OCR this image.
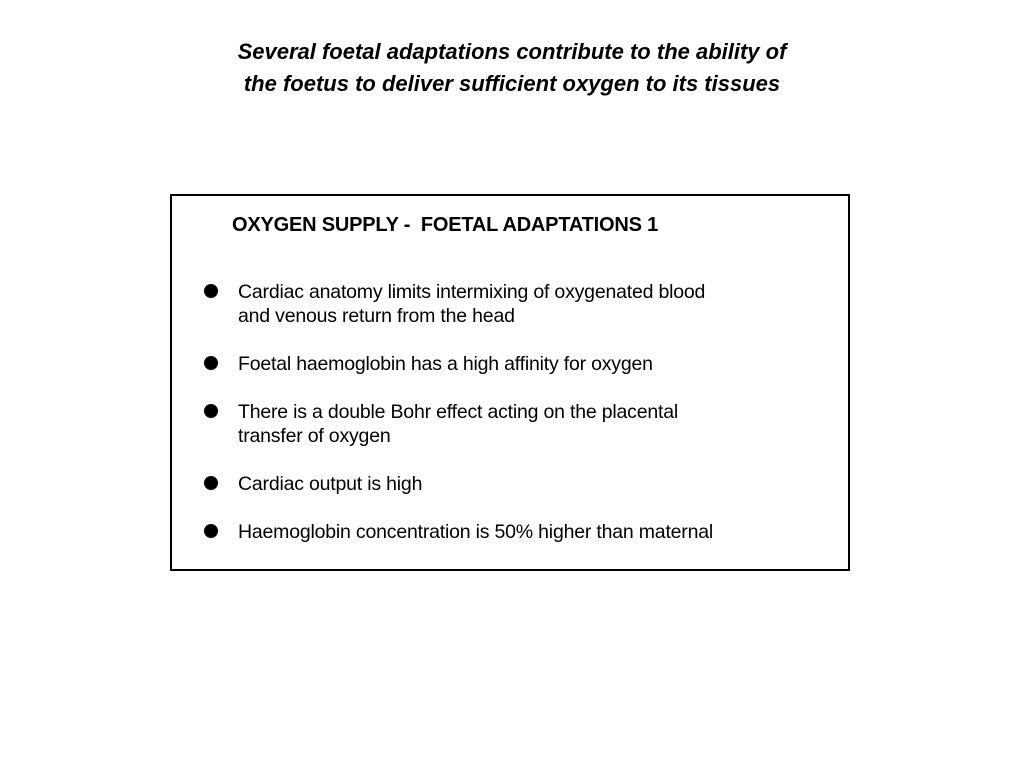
Several foetal adaptations contribute to the ability of
the foetus to deliver sufficient oxygen to its tissues
OXYGEN SUPPLY -  FOETAL ADAPTATIONS 1
Cardiac anatomy limits intermixing of oxygenated blood
and venous return from the head
Foetal haemoglobin has a high affinity for oxygen
There is a double Bohr effect acting on the placental
transfer of oxygen
Cardiac output is high
Haemoglobin concentration is 50% higher than maternal
